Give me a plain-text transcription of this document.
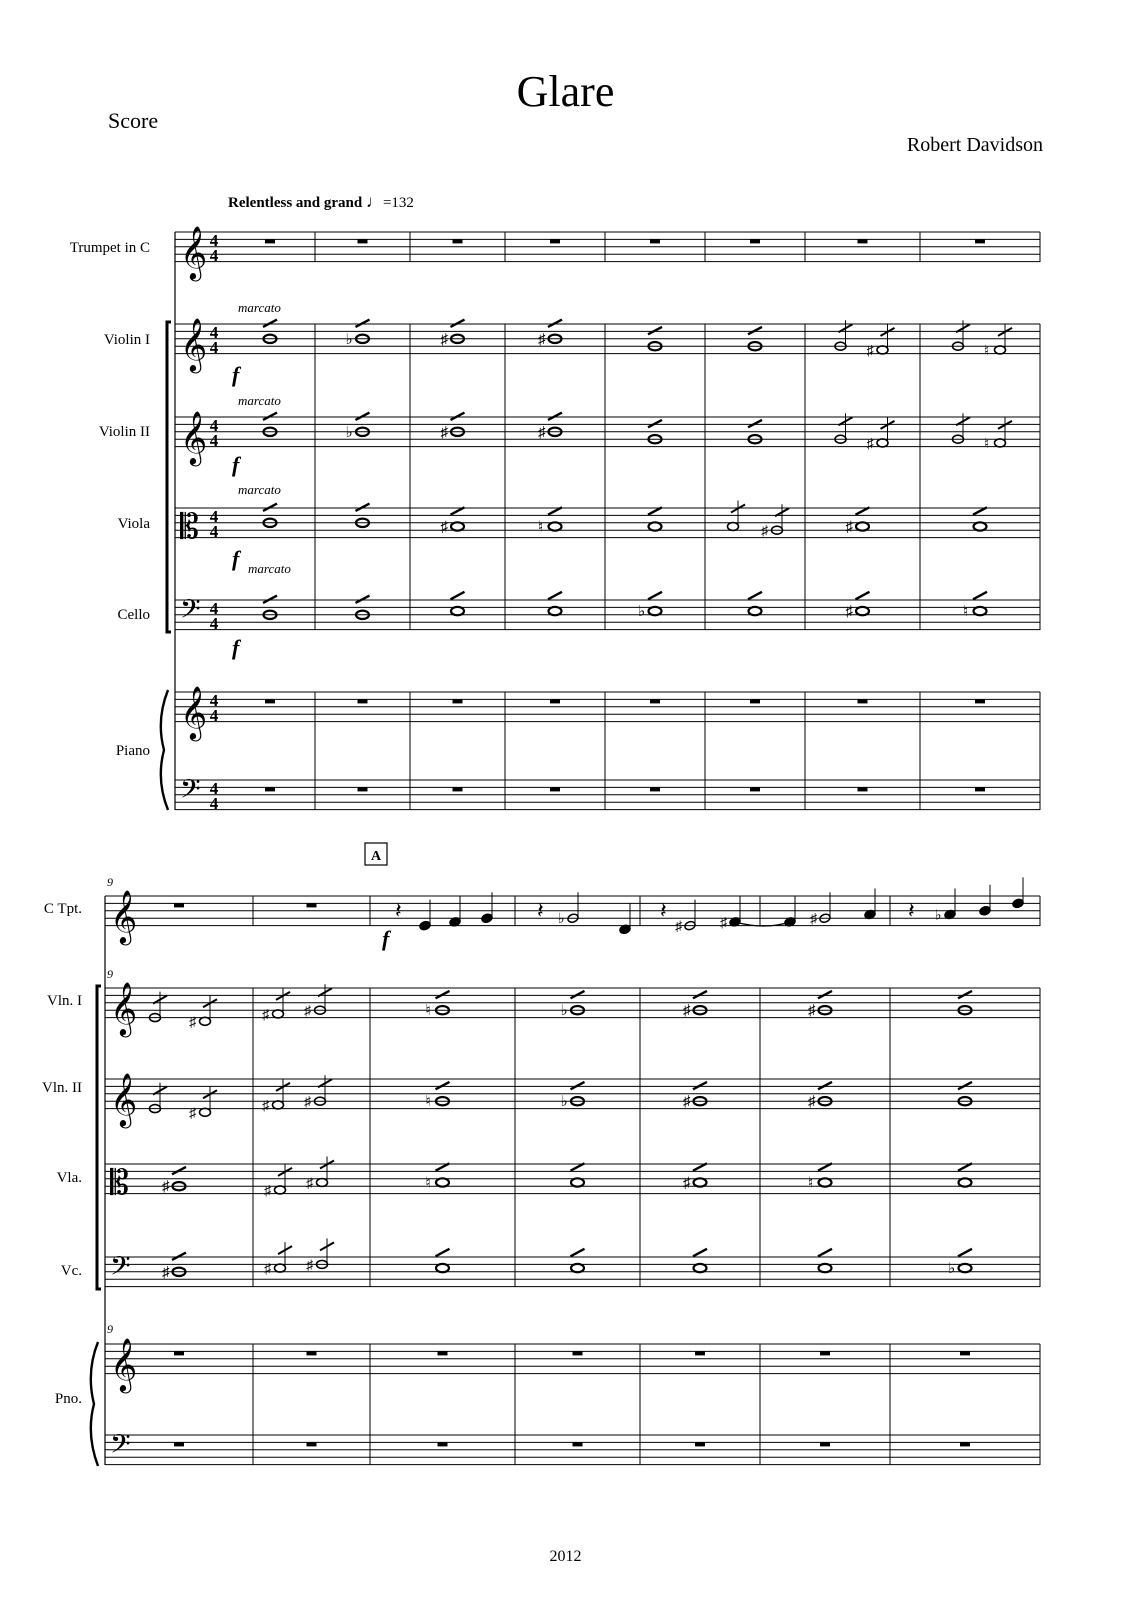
Glare
Score
Robert Davidson
Relentless and grand ♩=132
2012
Trumpet in C
Violin I
Violin II
Viola
Cello
Piano
𝄞
𝄞
𝄞
𝄡
𝄢
𝄞
𝄢
4
4
4
4
4
4
4
4
4
4
4
4
4
4
♭	♯	♯
♯	♮
♭	♯	♯
♯	♮
♯	♮
♭
♯	♯
♯	♮
marcato
marcato
marcato
marcato
f
f
f
f
C Tpt.
Vln. I
Vln. II
Vla.
Vc.
Pno.
𝄞
𝄞
𝄞
𝄡
𝄢
𝄞
𝄢
9
9
9
A
𝄽	𝄽 ♭	𝄽
♯	♯	♯	𝄽 ♭
f
♯	♯	♯	♮	♭	♯	♯
♯	♯	♯	♮	♭	♯	♯
♯	♯	♯	♮	♯	♮
♯	♯	♯	♭
